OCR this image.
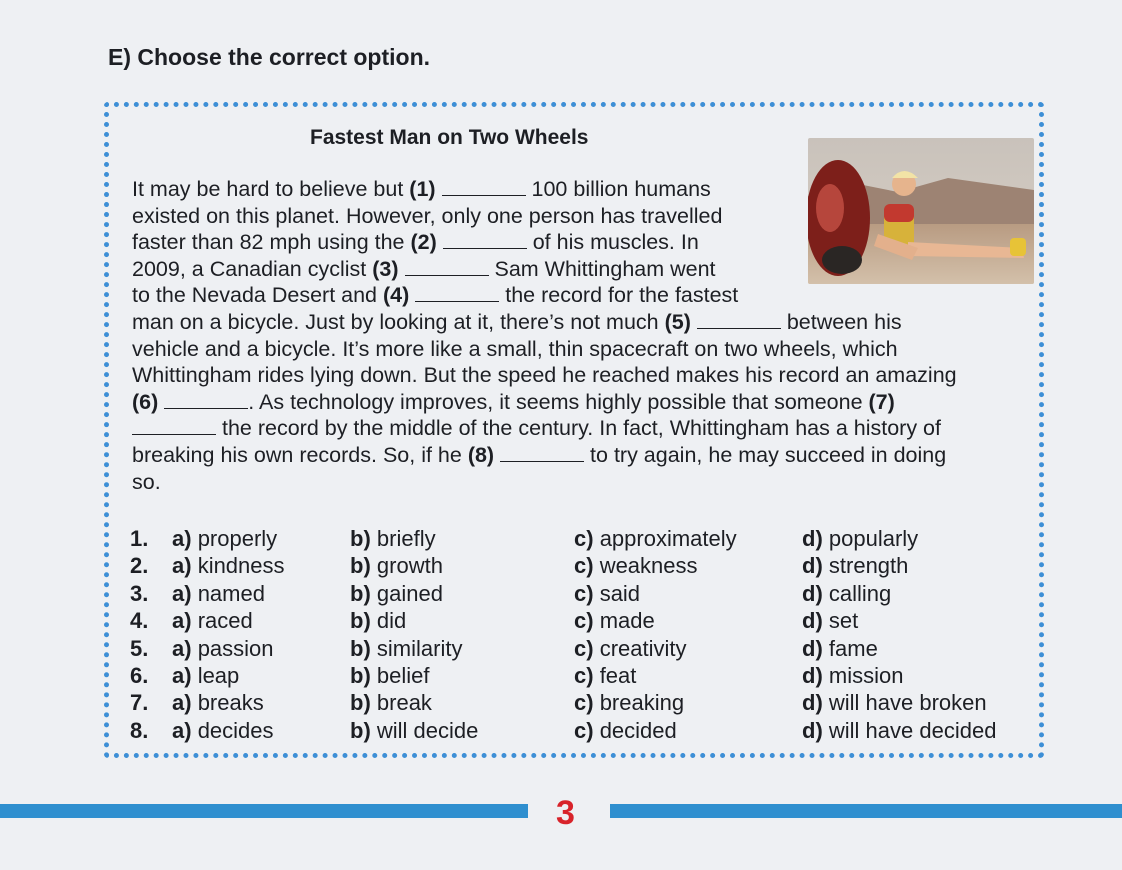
E) Choose the correct option.
Fastest Man on Two Wheels
It may be hard to believe but (1)	100 billion humans
existed on this planet. However, only one person has travelled
faster than 82 mph using the (2)	of his muscles. In
2009, a Canadian cyclist (3)	Sam Whittingham went
to the Nevada Desert and (4)	the record for the fastest
man on a bicycle. Just by looking at it, there’s not much (5)	between his
vehicle and a bicycle. It’s more like a small, thin spacecraft on two wheels, which
Whittingham rides lying down. But the speed he reached makes his record an amazing
(6)	. As technology improves, it seems highly possible that someone (7)
the record by the middle of the century. In fact, Whittingham has a history of
breaking his own records. So, if he (8)	to try again, he may succeed in doing
so.
1. a) properly	b) briefly	c) approximately	d) popularly
2. a) kindness	b) growth	c) weakness	d) strength
3. a) named	b) gained	c) said	d) calling
4. a) raced	b) did	c) made	d) set
5. a) passion	b) similarity	c) creativity	d) fame
6. a) leap	b) belief	c) feat	d) mission
7. a) breaks	b) break	c) breaking	d) will have broken
8. a) decides	b) will decide	c) decided	d) will have decided
3
